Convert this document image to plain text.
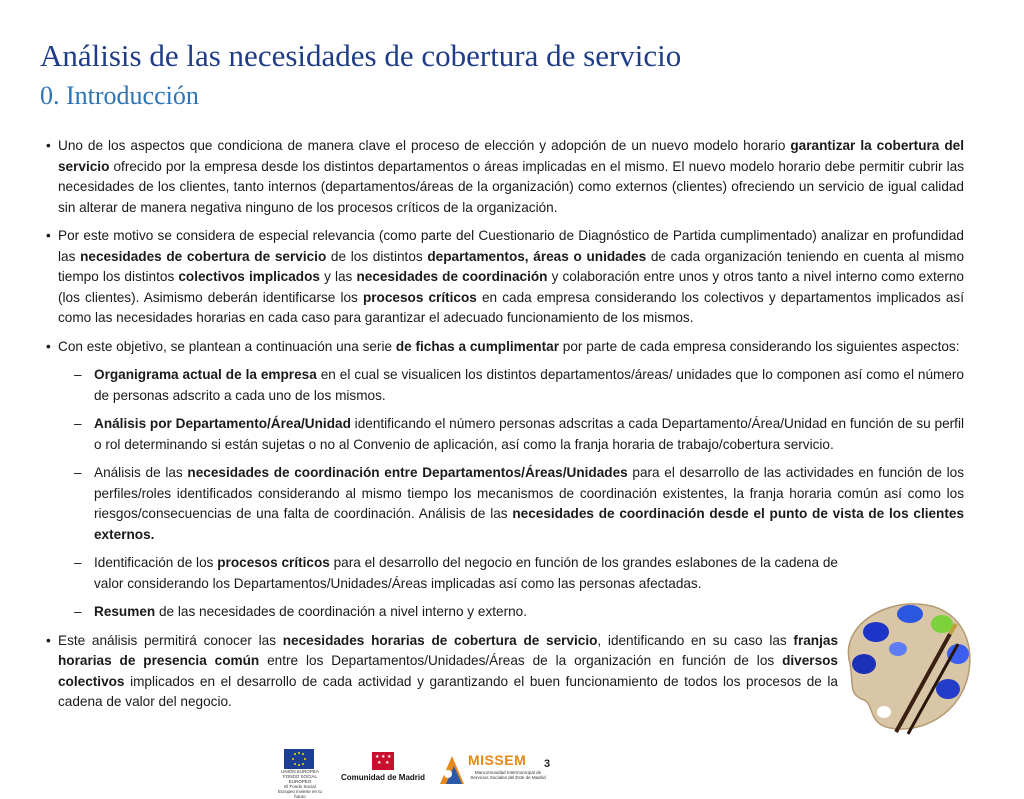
Análisis de las necesidades de cobertura de servicio
0. Introducción
• Uno de los aspectos que condiciona de manera clave el proceso de elección y adopción de un nuevo modelo horario garantizar la cobertura del servicio ofrecido por la empresa desde los distintos departamentos o áreas implicadas en el mismo. El nuevo modelo horario debe permitir cubrir las necesidades de los clientes, tanto internos (departamentos/áreas de la organización) como externos (clientes) ofreciendo un servicio de igual calidad sin alterar de manera negativa ninguno de los procesos críticos de la organización.
• Por este motivo se considera de especial relevancia (como parte del Cuestionario de Diagnóstico de Partida cumplimentado) analizar en profundidad las necesidades de cobertura de servicio de los distintos departamentos, áreas o unidades de cada organización teniendo en cuenta al mismo tiempo los distintos colectivos implicados y las necesidades de coordinación y colaboración entre unos y otros tanto a nivel interno como externo (los clientes). Asimismo deberán identificarse los procesos críticos en cada empresa considerando los colectivos y departamentos implicados así como las necesidades horarias en cada caso para garantizar el adecuado funcionamiento de los mismos.
• Con este objetivo, se plantean a continuación una serie de fichas a cumplimentar por parte de cada empresa considerando los siguientes aspectos:
– Organigrama actual de la empresa en el cual se visualicen los distintos departamentos/áreas/ unidades que lo componen así como el número de personas adscrito a cada uno de los mismos.
– Análisis por Departamento/Área/Unidad identificando el número personas adscritas a cada Departamento/Área/Unidad en función de su perfil o rol determinando si están sujetas o no al Convenio de aplicación, así como la franja horaria de trabajo/cobertura servicio.
– Análisis de las necesidades de coordinación entre Departamentos/Áreas/Unidades para el desarrollo de las actividades en función de los perfiles/roles identificados considerando al mismo tiempo los mecanismos de coordinación existentes, la franja horaria común así como los riesgos/consecuencias de una falta de coordinación. Análisis de las necesidades de coordinación desde el punto de vista de los clientes externos.
– Identificación de los procesos críticos para el desarrollo del negocio en función de los grandes eslabones de la cadena de valor considerando los Departamentos/Unidades/Áreas implicadas así como las personas afectadas.
– Resumen de las necesidades de coordinación a nivel interno y externo.
• Este análisis permitirá conocer las necesidades horarias de cobertura de servicio, identificando en su caso las franjas horarias de presencia común entre los Departamentos/Unidades/Áreas de la organización en función de los diversos colectivos implicados en el desarrollo de cada actividad y garantizando el buen funcionamiento de todos los procesos de la cadena de valor del negocio.
UNIÓN EUROPEA
FONDO SOCIAL EUROPEO
El Fondo Social Europeo invierte en tu futuro
★ ★ ★
★ ★
Comunidad de Madrid
MISSEM
Mancomunidad Intermunicipal de Servicios Sociales del Este de Madrid
3
